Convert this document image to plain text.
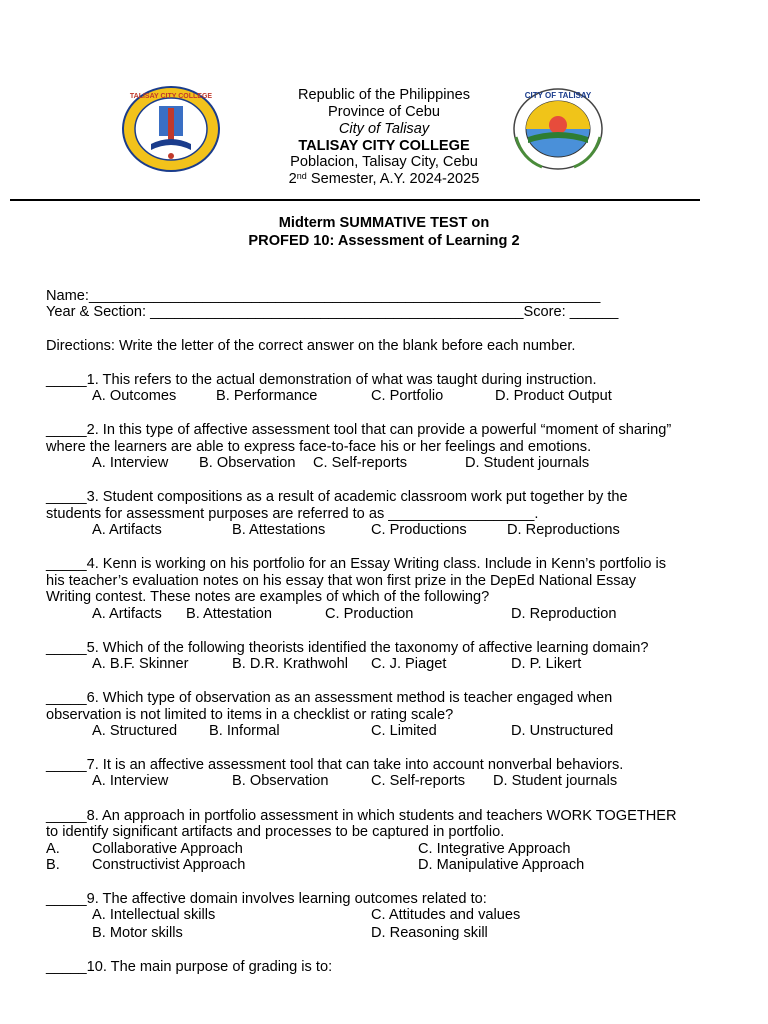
TALISAY CITY COLLEGE	CITY OF TALISAY
Republic of the Philippines
Province of Cebu
City of Talisay
TALISAY CITY COLLEGE
Poblacion, Talisay City, Cebu
2nd Semester, A.Y. 2024-2025
Midterm SUMMATIVE TEST on
PROFED 10: Assessment of Learning 2
Name:_______________________________________________________________
Year & Section: ______________________________________________Score: ______
Directions: Write the letter of the correct answer on the blank before each number.
_____1. This refers to the actual demonstration of what was taught during instruction.
A. Outcomes	B. Performance	C. Portfolio	D. Product Output
_____2. In this type of affective assessment tool that can provide a powerful “moment of sharing”
where the learners are able to express face-to-face his or her feelings and emotions.
A. Interview B. Observation C. Self-reports	D. Student journals
_____3. Student compositions as a result of academic classroom work put together by the
students for assessment purposes are referred to as __________________.
A. Artifacts	B. Attestations	C. Productions	D. Reproductions
_____4. Kenn is working on his portfolio for an Essay Writing class. Include in Kenn’s portfolio is
his teacher’s evaluation notes on his essay that won first prize in the DepEd National Essay
Writing contest. These notes are examples of which of the following?
A. Artifacts B. Attestation	C. Production	D. Reproduction
_____5. Which of the following theorists identified the taxonomy of affective learning domain?
A. B.F. Skinner	B. D.R. Krathwohl C. J. Piaget	D. P. Likert
_____6. Which type of observation as an assessment method is teacher engaged when
observation is not limited to items in a checklist or rating scale?
A. Structured B. Informal	C. Limited	D. Unstructured
_____7. It is an affective assessment tool that can take into account nonverbal behaviors.
A. Interview	B. Observation	C. Self-reports D. Student journals
_____8. An approach in portfolio assessment in which students and teachers WORK TOGETHER
to identify significant artifacts and processes to be captured in portfolio.
A. Collaborative Approach	C. Integrative Approach
B. Constructivist Approach	D. Manipulative Approach
_____9. The affective domain involves learning outcomes related to:
A. Intellectual skills	C. Attitudes and values
B. Motor skills	D. Reasoning skill
_____10. The main purpose of grading is to:
